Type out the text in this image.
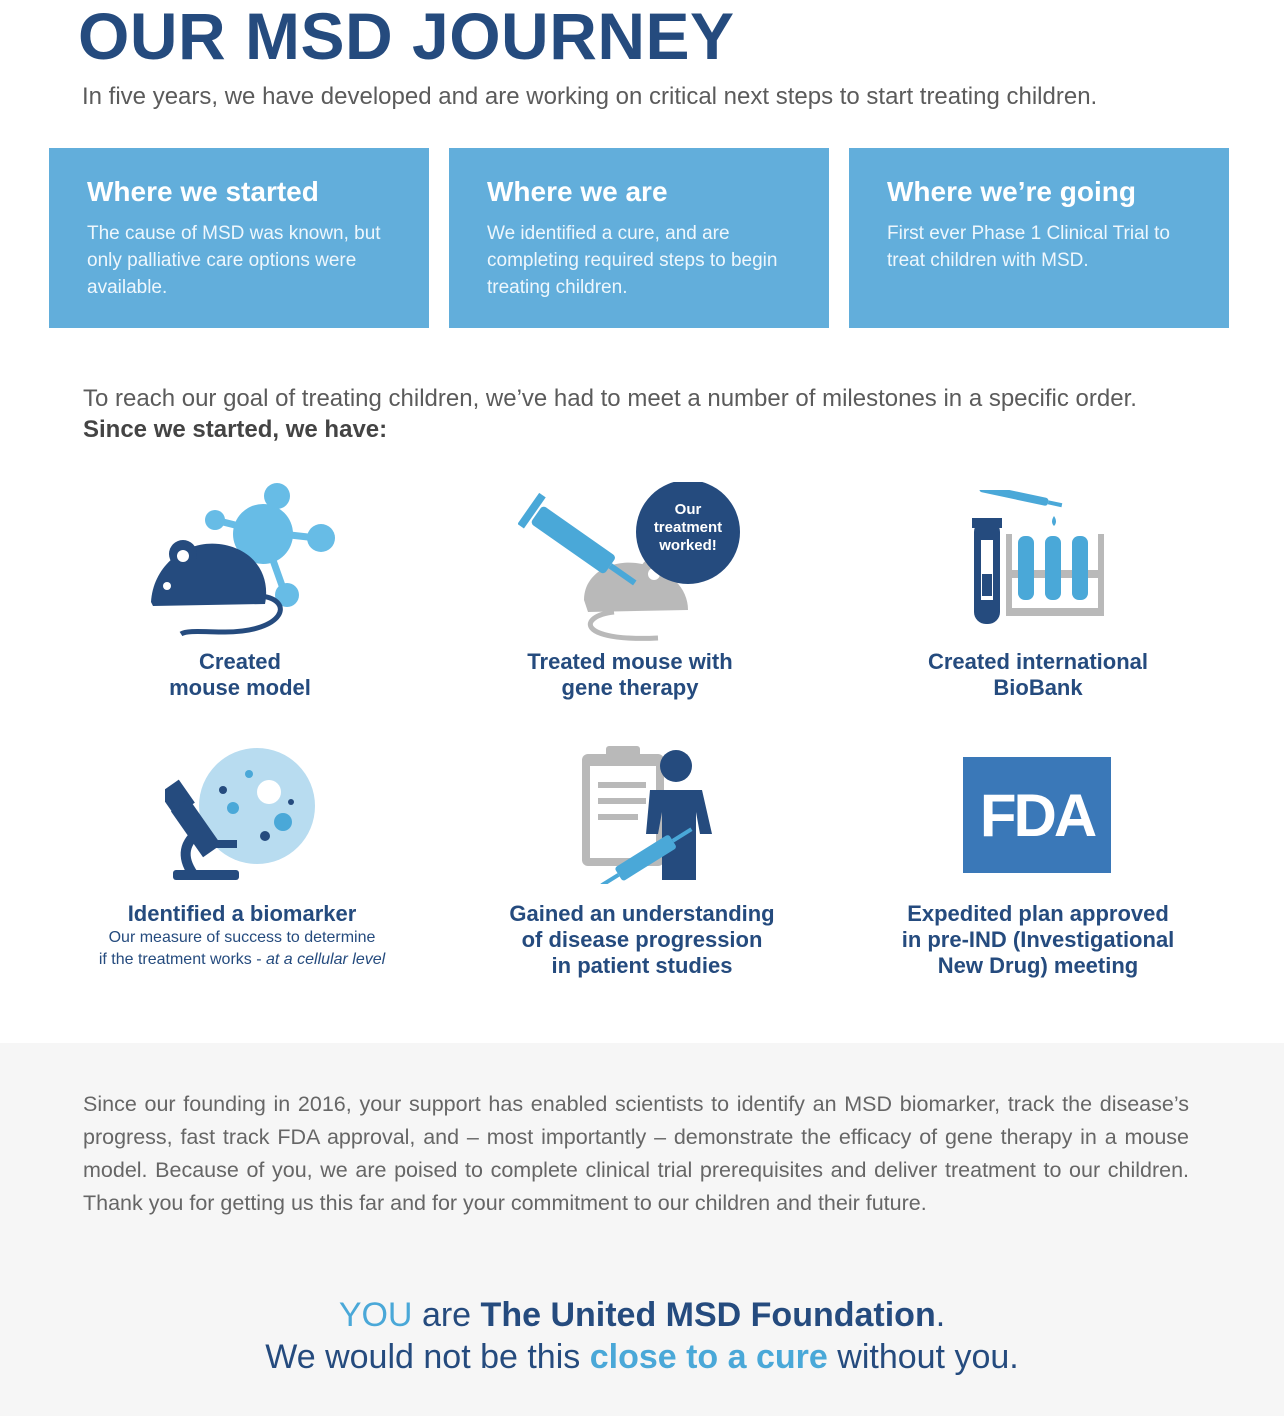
OUR MSD JOURNEY
In five years, we have developed and are working on critical next steps to start treating children.
Where we started

The cause of MSD was known, but only palliative care options were available.

Where we are

We identified a cure, and are completing required steps to begin treating children.

Where we’re going

First ever Phase 1 Clinical Trial to treat children with MSD.

To reach our goal of treating children, we’ve had to meet a number of milestones in a specific order. Since we started, we have:
Created
mouse model
Our
treatment
worked!
Treated mouse with
gene therapy
Created international
BioBank
Identified a biomarker
Our measure of success to determine
if the treatment works - at a cellular level
Gained an understanding
of disease progression
in patient studies
FDA
Expedited plan approved
in pre-IND (Investigational
New Drug) meeting
Since our founding in 2016, your support has enabled scientists to identify an MSD biomarker, track the disease’s progress, fast track FDA approval, and – most importantly – demonstrate the efficacy of gene therapy in a mouse model. Because of you, we are poised to complete clinical trial prerequisites and deliver treatment to our children. Thank you for getting us this far and for your commitment to our children and their future.
YOU are The United MSD Foundation.
We would not be this close to a cure without you.
